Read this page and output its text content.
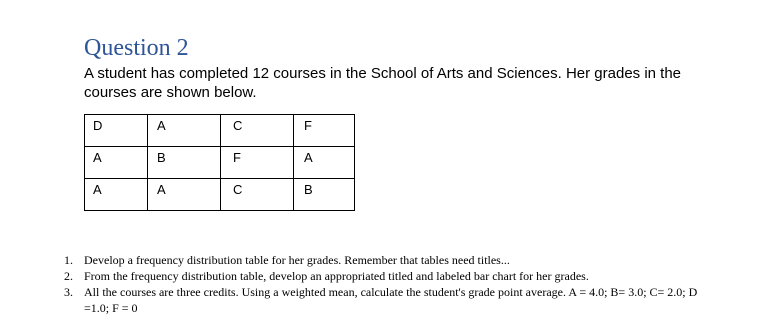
Question 2
A student has completed 12 courses in the School of Arts and Sciences. Her grades in the courses are shown below.
D	A	C	F

A	B	F	A

A	A	C	B
1. Develop a frequency distribution table for her grades. Remember that tables need titles...
2. From the frequency distribution table, develop an appropriated titled and labeled bar chart for her grades.
3. All the courses are three credits. Using a weighted mean, calculate the student's grade point average. A = 4.0; B= 3.0; C= 2.0; D =1.0; F = 0
